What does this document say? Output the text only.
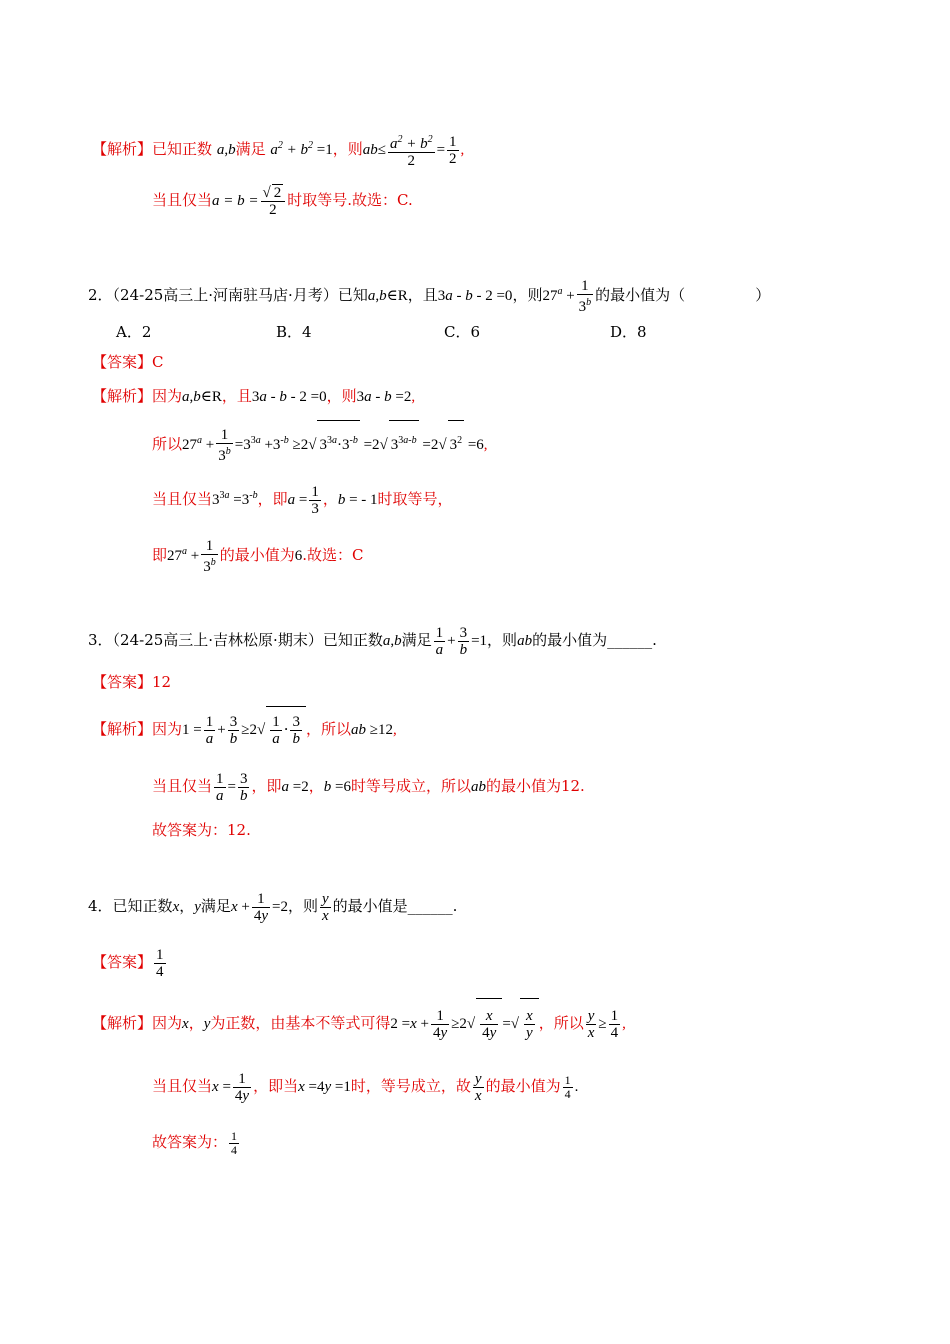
【解析】已知正数 a,b满足 $a^2 + b^2 =1$，则$ab\le \frac{a^2 + b^2}{2} = \frac{1}{2}$ ,
当且仅当$a = b = \frac{√ 2}{2}$ 时取等号.故选：C.
2．（24-25高三上·河南驻马店·月考）已知a,b∈R，且3a - b - 2 =0，则$27^a + \frac{1}{3^b}$ 的最小值为（	）
A．2	B．4	C．6	D．8
【答案】C
【解析】因为a,b∈R，且3a - b - 2 =0，则3a - b =2,
所以$27^a + \frac{1}{3^b} =3^{3a} +3^{-b} \ge 2√$ $3^{3a}\cdot 3^{-b} =2√$ $3^{3a-b} =2√$ $3^2 =6$,
当且仅当$3^{3a} =3^{-b}$，即$a = \frac{1}{3}$ ，b = - 1时取等号，
即$27^a + \frac{1}{3^b}$ 的最小值为6.故选：C
3．（24-25高三上·吉林松原·期末）已知正数a,b满足 $\frac{1}{a} + \frac{3}{b} =1$，则ab的最小值为______.
【答案】12
【解析】因为$1 = \frac{1}{a} + \frac{3}{b} \ge 2√ \frac{1}{a} \cdot \frac{3}{b}$ ，所以ab ≥12,
当且仅当 $\frac{1}{a} = \frac{3}{b}$ ，即a =2，b =6时等号成立，所以ab的最小值为12.
故答案为：12.
4．已知正数x，y满足$x + \frac{1}{4y} =2$，则 $\frac{y}{x}$ 的最小值是______.
【答案】 $\frac{1}{4}$
【解析】因为x，y为正数，由基本不等式可得$2 =x + \frac{1}{4y} \ge 2√ \frac{x}{4y}$ =√ $\frac{x}{y}$ ，所以 $\frac{y}{x} \ge \frac{1}{4}$ ,
当且仅当$x = \frac{1}{4y}$ ，即当x =4y =1时，等号成立，故 $\frac{y}{x}$ 的最小值为 $\frac{1}{4}$ .
故答案为： $\frac{1}{4}$
